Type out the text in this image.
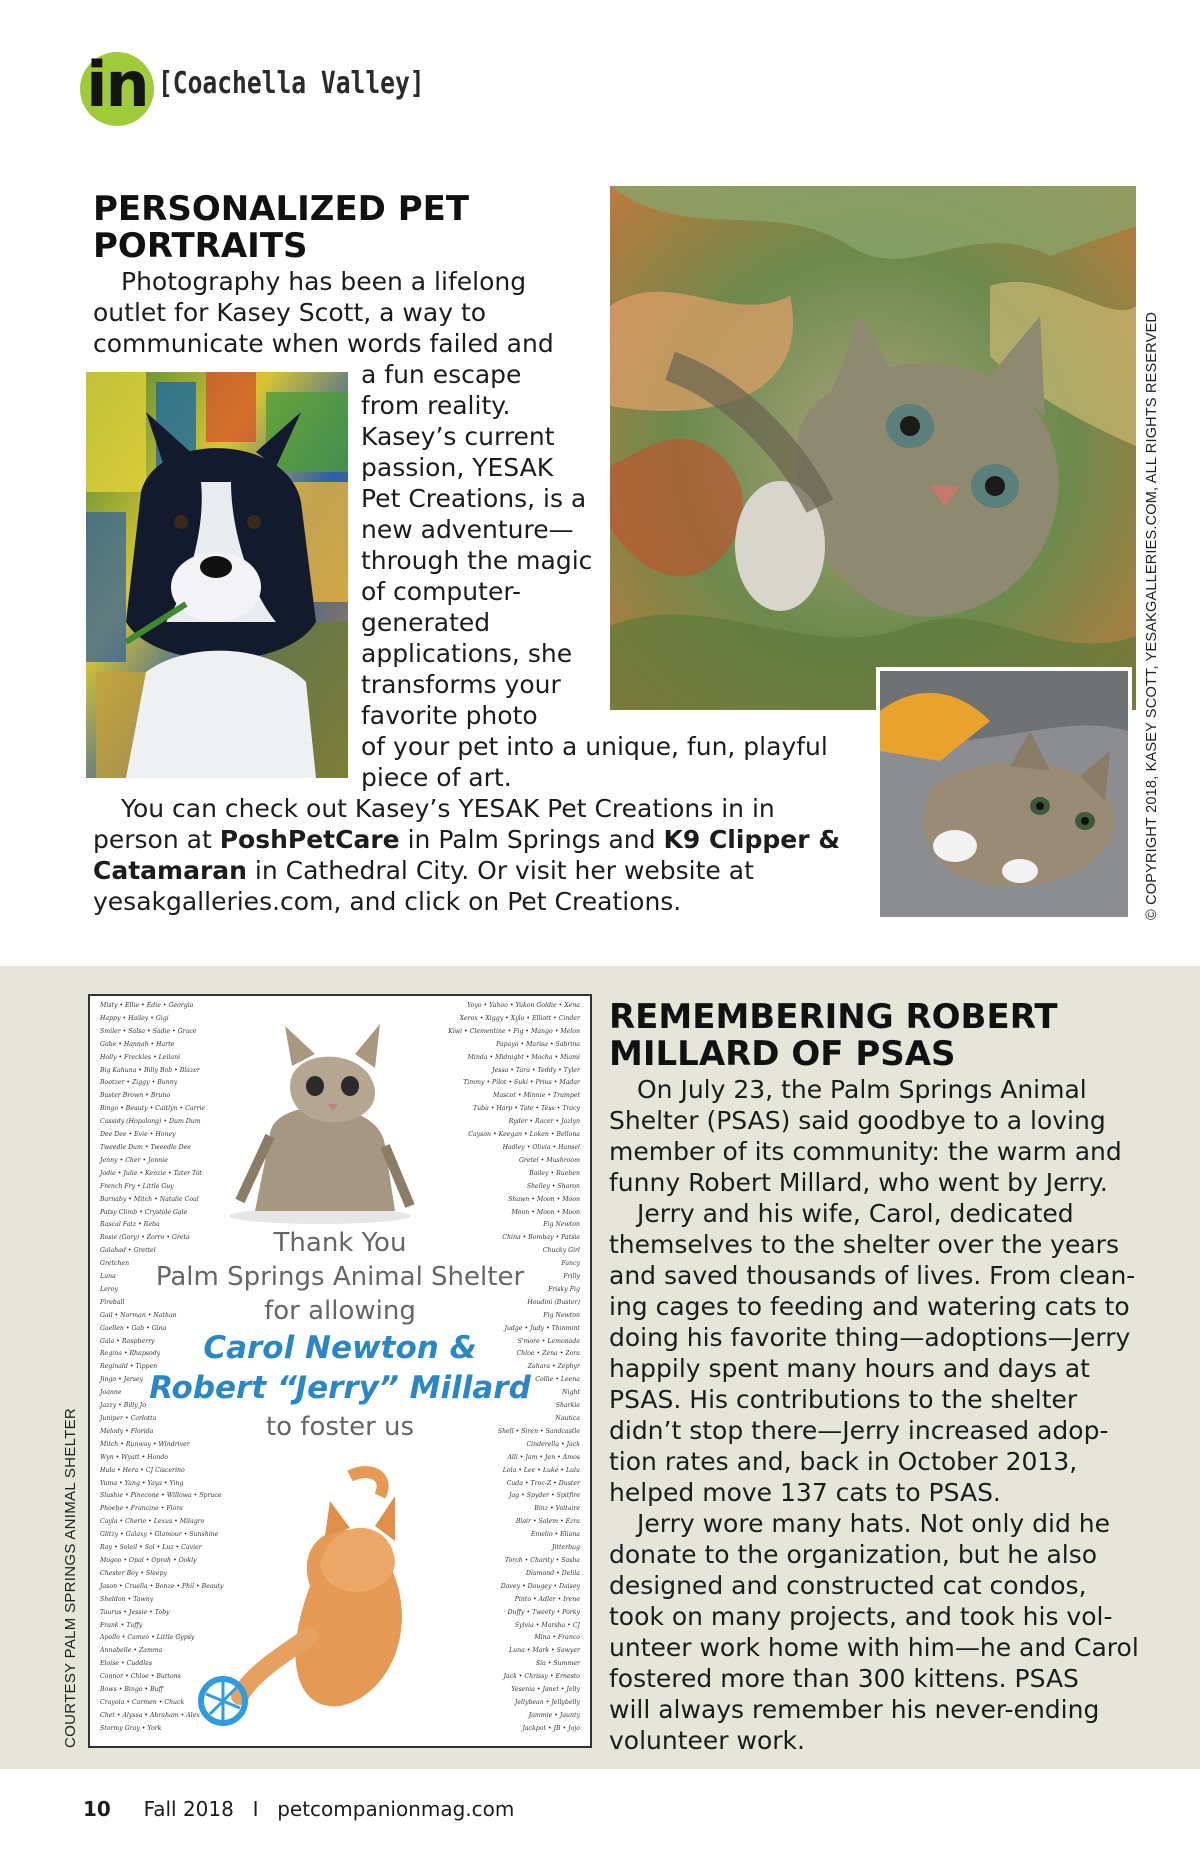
in [Coachella Valley]
PERSONALIZED PET PORTRAITS
Photography has been a lifelong
outlet for Kasey Scott, a way to
communicate when words failed and
a fun escape
from reality.
Kasey’s current
passion, YESAK
Pet Creations, is a
new adventure—
through the magic
of computer-
generated
applications, she
transforms your
favorite photo
of your pet into a unique, fun, playful
piece of art.
You can check out Kasey’s YESAK Pet Creations in in
person at PoshPetCare in Palm Springs and K9 Clipper &
Catamaran in Cathedral City. Or visit her website at
yesakgalleries.com, and click on Pet Creations.	© COPYRIGHT 2018, KASEY SCOTT, YESAKGALLERIES.COM, ALL RIGHTS RESERVED
Misty • Ellie • Edie • Georgia
Happy • Hailey • Gigi
Smiler • Salsa • Sadie • Grace
Gabe • Hannah • Harte
Holly • Freckles • Leilani
Big Kahuna • Billy Bob • Blazer
Bootzer • Ziggy • Bunny
Buster Brown • Bruno
Bingo • Beauty • Caitlyn • Carrie
Cassidy (Hopalong) • Dum Dum
Dee Dee • Evie • Honey
Tweedle Dum • Tweedle Dee
Jenny • Cher • Jonnie
Jodie • Julie • Kenzie • Tater Tot
French Fry • Little Guy
Barnaby • Mitch • Natalie Coal
Patsy Climb • Crystole Gale
Rascal Fatz • Reba
Rosie (Gory) • Zorro • Greta
Galahad • Grettel
Gretchen
Luna
Leroy
Fireball
Gail • Norman • Nathan
Gaellen • Gab • Gina
Gala • Raspberry
Regina • Rhapsody
Reginald • Tippen
Jingo • Jersey
Joanne
Jazzy • Billy Jo
Juniper • Carlotta
Melody • Florida
Mitch • Runway • Windriver
Wyn • Wyatt • Hondo
Hula • Hera • CJ Ciscerino
Yuma • Yang • Yaya • Ying
Slushie • Pinecone • Willowa • Spruce
Phoebe • Francine • Flora
Cayla • Cherie • Lexus • Milagro
Glitzy • Galaxy • Glamour • Sunshine
Ray • Soleil • Sol • Luz • Cavier
Mogoo • Opal • Oprah • Ookly
Chester Boy • Sleepy
Jason • Cruella • Bonze • Phil • Beauty
Sheldon • Tawny
Taurus • Jessie • Toby
Frank • Tuffy
Apollo • Cameo • Little Gypsy
Annabelle • Zamma
Eloise • Cuddles
Connor • Chloe • Buttons
Bows • Bingo • Buff
Crayola • Carmen • Chuck
Chet • Alyssa • Abraham • Alex
Stormy Gray • York
Yoyo • Yahoo • Yukon Goldie • Xena
Xerox • Xiggy • Xylo • Elliott • Cinder
Kiwi • Clementine • Fig • Mango • Melon
Papaya • Marisa • Sabrina
Minda • Midnight • Mocha • Miami
Jessa • Tara • Teddy • Tyler
Timmy • Pilot • Suki • Prius • Madar
Mascot • Minnie • Trumpet
Tuba • Harp • Tate • Tess • Tracy
Ryder • Racer • Jazlyn
Cayson • Keegan • Loken • Bellona
Hadley • Olivia • Hansel
Gretel • Mushroom
Bailey • Rueben
Shelley • Sharon
Shawn • Moon • Moon
Moon • Moon • Moon
Fig Newton
China • Bombay • Patsie
Chucky Girl
Fancy
Frilly
Frisky Fig
Houdini (Buster)
Fig Newton
Judge • Judy • Thinmint
S'more • Lemonade
Chloe • Zena • Zora
Zahara • Zephyr
Collie • Leena
Night
Sharkie
Nautica
Shell • Siren • Sandcastle
Cinderella • Jack
Alli • Jam • Jen • Amos
Lola • Lee • Luke • Lulu
Cuda • Troc-Z • Duster
Jag • Spyder • Spitfire
Binz • Voltaire
Blair • Salem • Ezra
Emelio • Eliana
Jitterbug
Torch • Charity • Sasha
Diamond • Delila
Davey • Dougey • Daisey
Pinto • Adler • Irene
Duffy • Tweety • Porky
Sylvia • Marsha • CJ
Mina • Franco
Luna • Mark • Sawyer
Sia • Summer
Jack • Chrissy • Ernesto
Yesenia • Janet • Jelly
Jellybean • Jellybelly
Jammie • Jaunty
Jackpot • JB • Jojo
Thank You
Palm Springs Animal Shelter
for allowing
Carol Newton &
Robert “Jerry” Millard
to foster us
COURTESY PALM SPRINGS ANIMAL SHELTER
REMEMBERING ROBERT MILLARD OF PSAS
On July 23, the Palm Springs Animal
Shelter (PSAS) said goodbye to a loving
member of its community: the warm and
funny Robert Millard, who went by Jerry.
Jerry and his wife, Carol, dedicated
themselves to the shelter over the years
and saved thousands of lives. From clean-
ing cages to feeding and watering cats to
doing his favorite thing—adoptions—Jerry
happily spent many hours and days at
PSAS. His contributions to the shelter
didn’t stop there—Jerry increased adop-
tion rates and, back in October 2013,
helped move 137 cats to PSAS.
Jerry wore many hats. Not only did he
donate to the organization, but he also
designed and constructed cat condos,
took on many projects, and took his vol-
unteer work home with him—he and Carol
fostered more than 300 kittens. PSAS
will always remember his never-ending
volunteer work.
10 Fall 2018 I petcompanionmag.com
